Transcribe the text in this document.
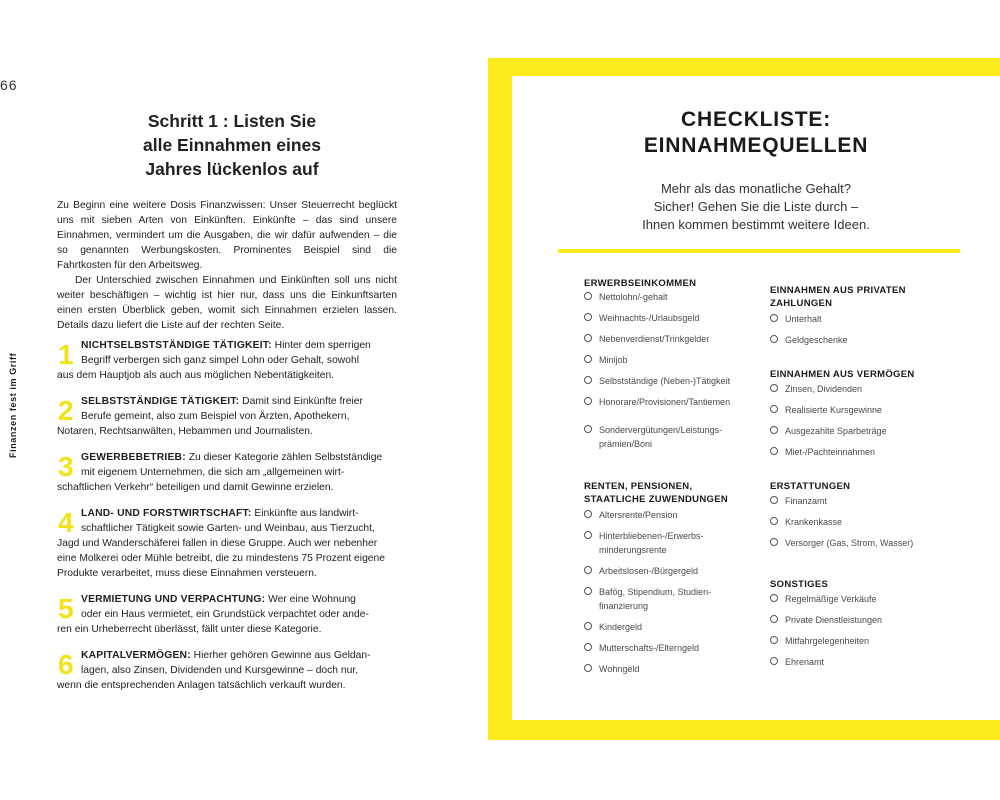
66
Finanzen fest im Griff
Schritt 1 : Listen Sie
alle Einnahmen eines
Jahres lückenlos auf

Zu Beginn eine weitere Dosis Finanzwissen: Unser Steuerrecht beglückt uns mit sieben Arten von Einkünften. Einkünfte – das sind unsere Einnahmen, vermindert um die Ausgaben, die wir dafür aufwenden – die so genannten Werbungskosten. Prominentes Beispiel sind die Fahrtkosten für den Arbeitsweg.

Der Unterschied zwischen Einnahmen und Einkünften soll uns nicht weiter beschäftigen – wichtig ist hier nur, dass uns die Einkunftsarten einen ersten Überblick geben, womit sich Einnahmen erzielen lassen. Details dazu liefert die Liste auf der rechten Seite.

1 NICHTSELBSTSTÄNDIGE TÄTIGKEIT: Hinter dem sperrigen

Begriff verbergen sich ganz simpel Lohn oder Gehalt, sowohl

aus dem Hauptjob als auch aus möglichen Nebentätigkeiten.

2 SELBSTSTÄNDIGE TÄTIGKEIT: Damit sind Einkünfte freier

Berufe gemeint, also zum Beispiel von Ärzten, Apothekern,

Notaren, Rechtsanwälten, Hebammen und Journalisten.

3 GEWERBEBETRIEB: Zu dieser Kategorie zählen Selbstständige

mit eigenem Unternehmen, die sich am „allgemeinen wirt-

schaftlichen Verkehr“ beteiligen und damit Gewinne erzielen.

4 LAND- UND FORSTWIRTSCHAFT: Einkünfte aus landwirt-

schaftlicher Tätigkeit sowie Garten- und Weinbau, aus Tierzucht,

Jagd und Wanderschäferei fallen in diese Gruppe. Auch wer nebenher eine Molkerei oder Mühle betreibt, die zu mindestens 75 Prozent eigene Produkte verarbeitet, muss diese Einnahmen versteuern.

5 VERMIETUNG UND VERPACHTUNG: Wer eine Wohnung

oder ein Haus vermietet, ein Grundstück verpachtet oder ande-

ren ein Urheberrecht überlässt, fällt unter diese Kategorie.

6 KAPITALVERMÖGEN: Hierher gehören Gewinne aus Geldan-

lagen, also Zinsen, Dividenden und Kursgewinne – doch nur,

wenn die entsprechenden Anlagen tatsächlich verkauft wurden.

CHECKLISTE:
EINNAHMEQUELLEN
Mehr als das monatliche Gehalt?
Sicher! Gehen Sie die Liste durch –
Ihnen kommen bestimmt weitere Ideen.
ERWERBSEINKOMMEN
Nettolohn/-gehalt
Weihnachts-/Urlaubsgeld
Nebenverdienst/Trinkgelder
Minijob
Selbstständige (Neben-)Tätigkeit
Honorare/Provisionen/Tantiemen
Sondervergütungen/Leistungs-
prämien/Boni
RENTEN, PENSIONEN,
STAATLICHE ZUWENDUNGEN
Altersrente/Pension
Hinterbliebenen-/Erwerbs-
minderungsrente
Arbeitslosen-/Bürgergeld
Bafög, Stipendium, Studien-
finanzierung
Kindergeld
Mutterschafts-/Elterngeld
Wohngeld
EINNAHMEN AUS PRIVATEN
ZAHLUNGEN
Unterhalt
Geldgeschenke
EINNAHMEN AUS VERMÖGEN
Zinsen, Dividenden
Realisierte Kursgewinne
Ausgezahlte Sparbeträge
Miet-/Pachteinnahmen
ERSTATTUNGEN
Finanzamt
Krankenkasse
Versorger (Gas, Strom, Wasser)
SONSTIGES
Regelmäßige Verkäufe
Private Dienstleistungen
Mitfahrgelegenheiten
Ehrenamt
